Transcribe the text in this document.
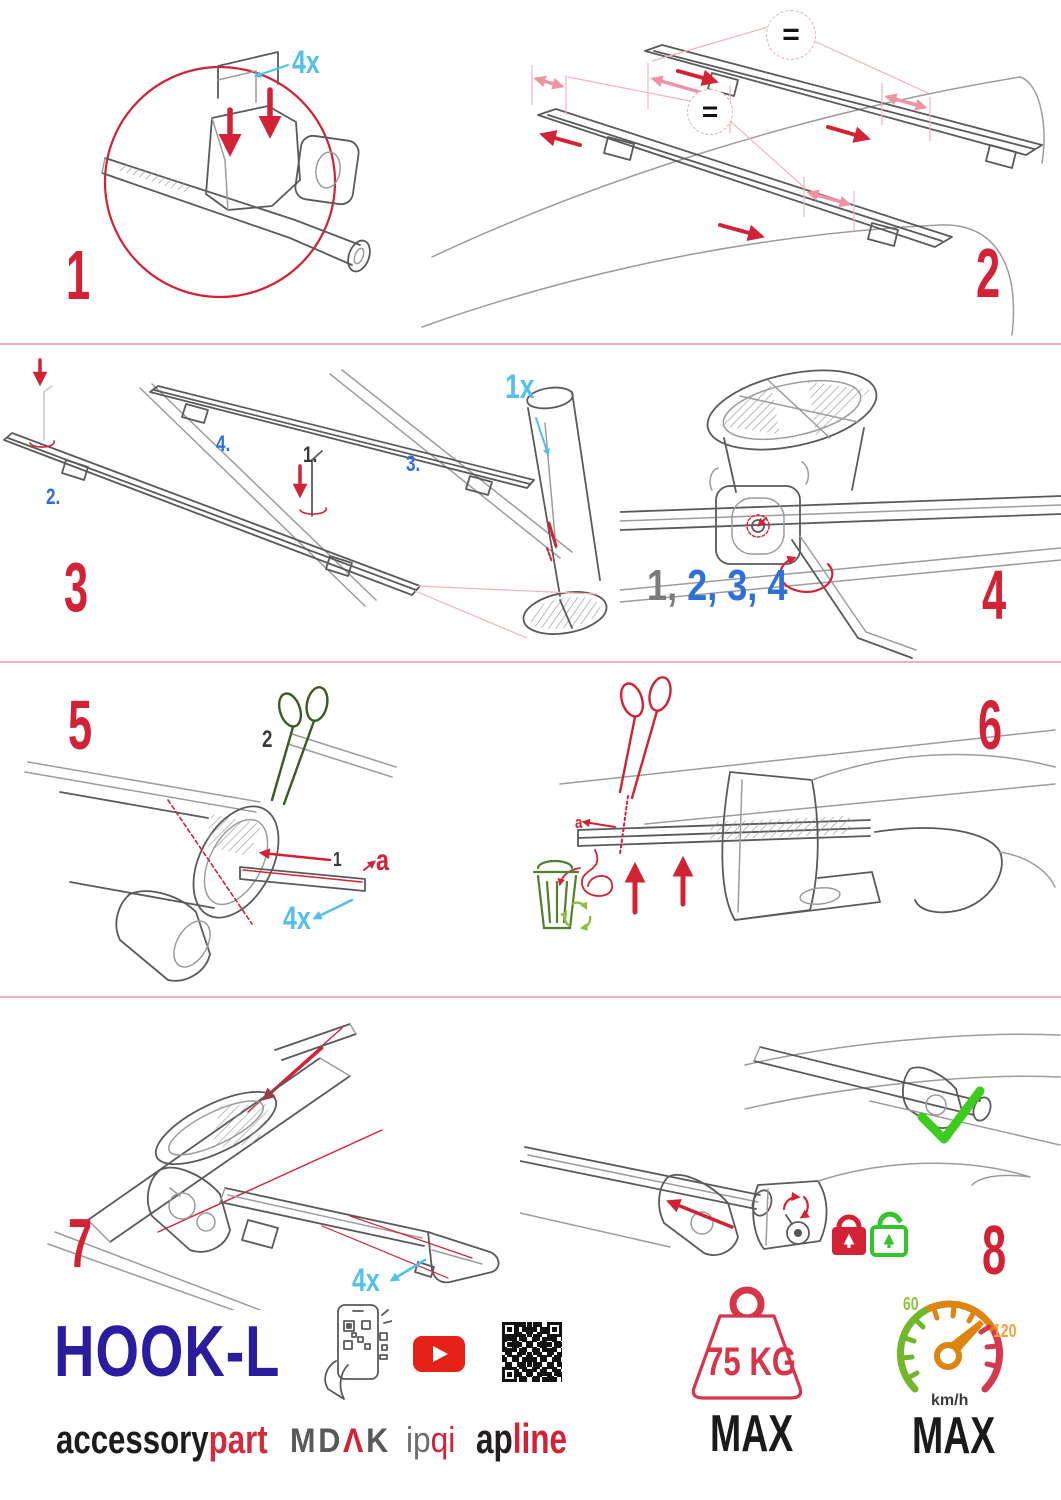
4x
1
=
=
2
1.
2.
3.
4.
1x
3	1, 2, 3, 4	4
2
1 a
4x
5
a
6
4x
7	8
HOOK-L
accessorypart MDΛK ipqi apline
75 KG
MAX
60
120
km/h
MAX
